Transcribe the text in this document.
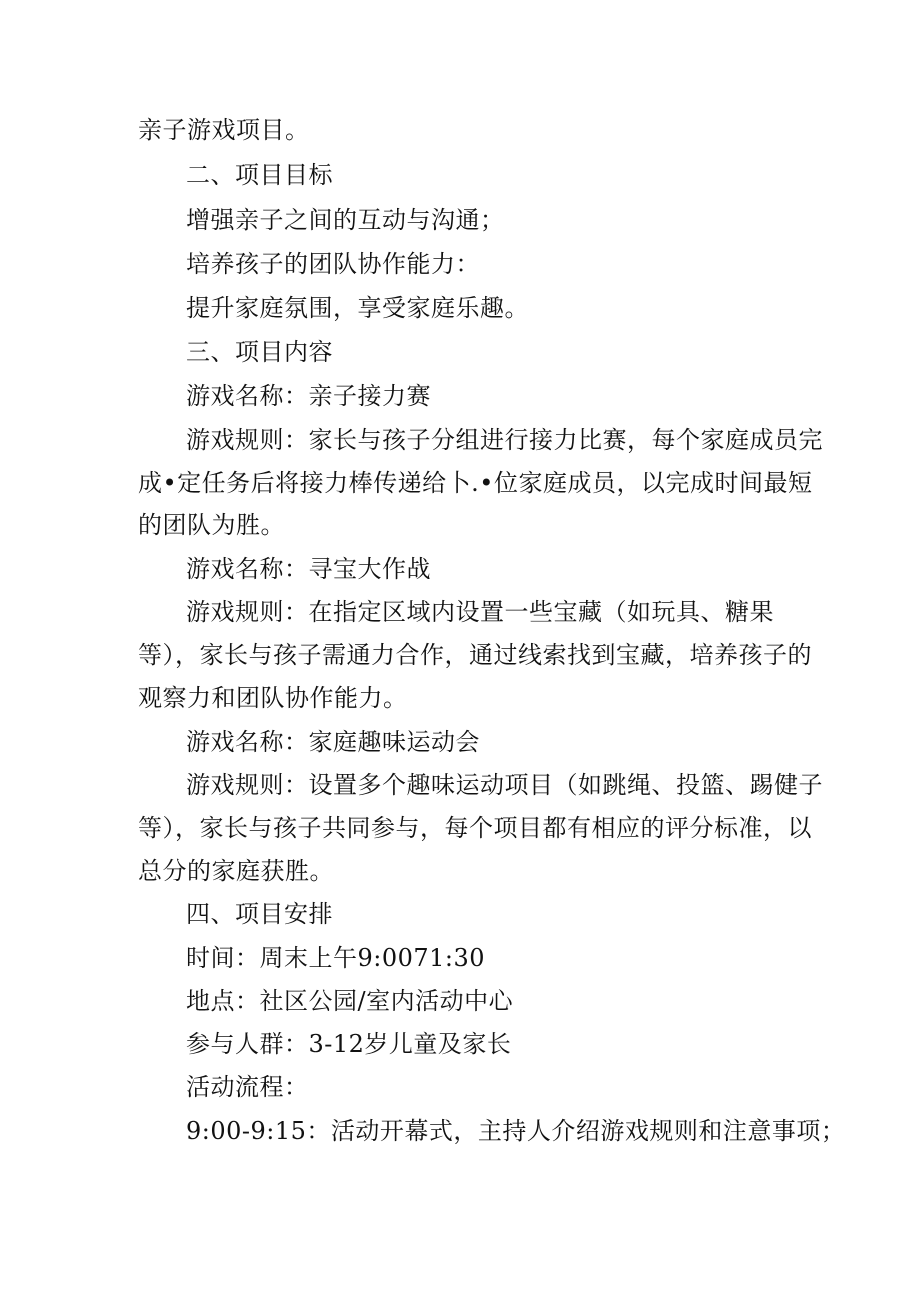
亲子游戏项目。
二、项目目标
增强亲子之间的互动与沟通；
培养孩子的团队协作能力：
提升家庭氛围，享受家庭乐趣。
三、项目内容
游戏名称：亲子接力赛
游戏规则：家长与孩子分组进行接力比赛，每个家庭成员完
成•定任务后将接力棒传递给卜.•位家庭成员，以完成时间最短
的团队为胜。
游戏名称：寻宝大作战
游戏规则：在指定区域内设置一些宝藏（如玩具、糖果
等），家长与孩子需通力合作，通过线索找到宝藏，培养孩子的
观察力和团队协作能力。
游戏名称：家庭趣味运动会
游戏规则：设置多个趣味运动项目（如跳绳、投篮、踢健子
等），家长与孩子共同参与，每个项目都有相应的评分标准，以
总分的家庭获胜。
四、项目安排
时间：周末上午9:0071:30
地点：社区公园/室内活动中心
参与人群：3-12岁儿童及家长
活动流程：
9:00-9:15：活动开幕式，主持人介绍游戏规则和注意事项；
